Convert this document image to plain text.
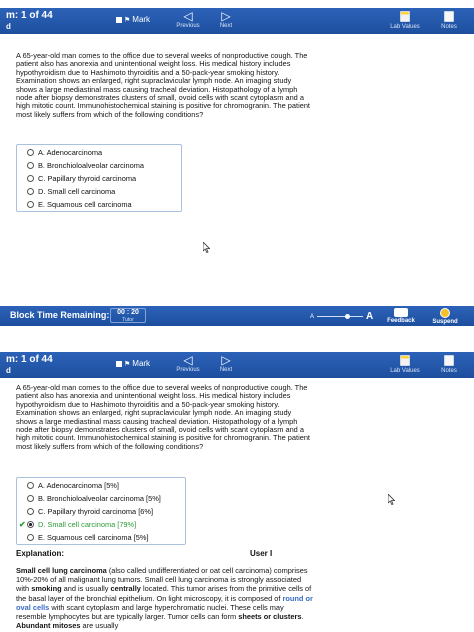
m: 1 of 44
d
⚑ Mark	◁
Previous
▷
Next	Lab Values	Notes

A 65-year-old man comes to the office due to several weeks of nonproductive cough. The patient also has anorexia and unintentional weight loss. His medical history includes hypothyroidism due to Hashimoto thyroiditis and a 50-pack-year smoking history. Examination shows an enlarged, right supraclavicular lymph node. An imaging study shows a large mediastinal mass causing tracheal deviation. Histopathology of a lymph node after biopsy demonstrates clusters of small, ovoid cells with scant cytoplasm and a high mitotic count. Immunohistochemical staining is positive for chromogranin. The patient most likely suffers from which of the following conditions?

A. Adenocarcinoma
B. Bronchioloalveolar carcinoma
C. Papillary thyroid carcinoma
D. Small cell carcinoma
E. Squamous cell carcinoma
Block Time Remaining:	00 : 20
Tutor
A	A	Feedback	Suspend
m: 1 of 44
d
⚑ Mark	◁
Previous
▷
Next	Lab Values	Notes

A 65-year-old man comes to the office due to several weeks of nonproductive cough. The patient also has anorexia and unintentional weight loss. His medical history includes hypothyroidism due to Hashimoto thyroiditis and a 50-pack-year smoking history. Examination shows an enlarged, right supraclavicular lymph node. An imaging study shows a large mediastinal mass causing tracheal deviation. Histopathology of a lymph node after biopsy demonstrates clusters of small, ovoid cells with scant cytoplasm and a high mitotic count. Immunohistochemical staining is positive for chromogranin. The patient most likely suffers from which of the following conditions?

A. Adenocarcinoma [5%]
B. Bronchioloalveolar carcinoma [5%]
C. Papillary thyroid carcinoma [6%]
✔ D. Small cell carcinoma [79%]
E. Squamous cell carcinoma [5%]
Explanation:	User I

Small cell lung carcinoma (also called undifferentiated or oat cell carcinoma) comprises 10%-20% of all malignant lung tumors. Small cell lung carcinoma is strongly associated with smoking and is usually centrally located. This tumor arises from the primitive cells of the basal layer of the bronchial epithelium. On light microscopy, it is composed of round or oval cells with scant cytoplasm and large hyperchromatic nuclei. These cells may resemble lymphocytes but are typically larger. Tumor cells can form sheets or clusters. Abundant mitoses are usually
